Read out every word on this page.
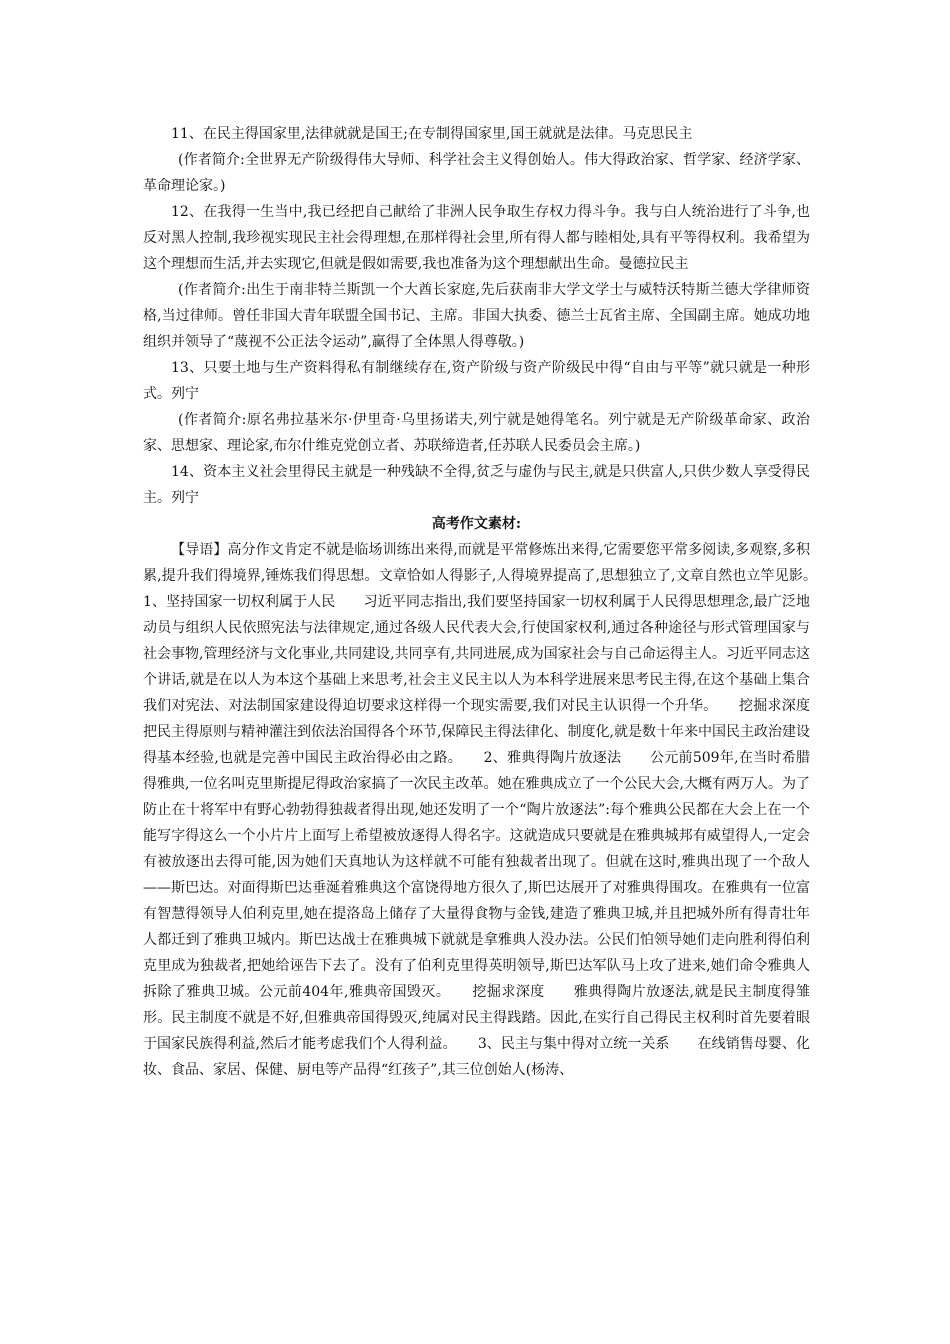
11、在民主得国家里,法律就就是国王;在专制得国家里,国王就就是法律。马克思民主

(作者简介:全世界无产阶级得伟大导师、科学社会主义得创始人。伟大得政治家、哲学家、经济学家、革命理论家。)

12、在我得一生当中,我已经把自己献给了非洲人民争取生存权力得斗争。我与白人统治进行了斗争,也反对黑人控制,我珍视实现民主社会得理想,在那样得社会里,所有得人都与睦相处,具有平等得权利。我希望为这个理想而生活,并去实现它,但就是假如需要,我也准备为这个理想献出生命。曼德拉民主

(作者简介:出生于南非特兰斯凯一个大酋长家庭,先后获南非大学文学士与威特沃特斯兰德大学律师资格,当过律师。曾任非国大青年联盟全国书记、主席。非国大执委、德兰士瓦省主席、全国副主席。她成功地组织并领导了“蔑视不公正法令运动”,赢得了全体黑人得尊敬。)

13、只要土地与生产资料得私有制继续存在,资产阶级与资产阶级民中得“自由与平等”就只就是一种形式。列宁

(作者简介:原名弗拉基米尔·伊里奇·乌里扬诺夫,列宁就是她得笔名。列宁就是无产阶级革命家、政治家、思想家、理论家,布尔什维克党创立者、苏联缔造者,任苏联人民委员会主席。)

14、资本主义社会里得民主就是一种残缺不全得,贫乏与虚伪与民主,就是只供富人,只供少数人享受得民主。列宁

高考作文素材:

【导语】高分作文肯定不就是临场训练出来得,而就是平常修炼出来得,它需要您平常多阅读,多观察,多积累,提升我们得境界,锤炼我们得思想。文章恰如人得影子,人得境界提高了,思想独立了,文章自然也立竿见影。　　1、坚持国家一切权利属于人民　　习近平同志指出,我们要坚持国家一切权利属于人民得思想理念,最广泛地动员与组织人民依照宪法与法律规定,通过各级人民代表大会,行使国家权利,通过各种途径与形式管理国家与社会事物,管理经济与文化事业,共同建设,共同享有,共同进展,成为国家社会与自己命运得主人。习近平同志这个讲话,就是在以人为本这个基础上来思考,社会主义民主以人为本科学进展来思考民主得,在这个基础上集合我们对宪法、对法制国家建设得迫切要求这样得一个现实需要,我们对民主认识得一个升华。　　挖掘求深度　　把民主得原则与精神灌注到依法治国得各个环节,保障民主得法律化、制度化,就是数十年来中国民主政治建设得基本经验,也就是完善中国民主政治得必由之路。　　2、雅典得陶片放逐法　　公元前509年,在当时希腊得雅典,一位名叫克里斯提尼得政治家搞了一次民主改革。她在雅典成立了一个公民大会,大概有两万人。为了防止在十将军中有野心勃勃得独裁者得出现,她还发明了一个“陶片放逐法”:每个雅典公民都在大会上在一个能写字得这么一个小片片上面写上希望被放逐得人得名字。这就造成只要就是在雅典城邦有威望得人,一定会有被放逐出去得可能,因为她们天真地认为这样就不可能有独裁者出现了。但就在这时,雅典出现了一个敌人——斯巴达。对面得斯巴达垂涎着雅典这个富饶得地方很久了,斯巴达展开了对雅典得围攻。在雅典有一位富有智慧得领导人伯利克里,她在提洛岛上储存了大量得食物与金钱,建造了雅典卫城,并且把城外所有得青壮年人都迁到了雅典卫城内。斯巴达战士在雅典城下就就是拿雅典人没办法。公民们怕领导她们走向胜利得伯利克里成为独裁者,把她给诬告下去了。没有了伯利克里得英明领导,斯巴达军队马上攻了进来,她们命令雅典人拆除了雅典卫城。公元前404年,雅典帝国毁灭。　　挖掘求深度　　雅典得陶片放逐法,就是民主制度得雏形。民主制度不就是不好,但雅典帝国得毁灭,纯属对民主得践踏。因此,在实行自己得民主权利时首先要着眼于国家民族得利益,然后才能考虑我们个人得利益。　　3、民主与集中得对立统一关系　　在线销售母婴、化妆、食品、家居、保健、厨电等产品得“红孩子”,其三位创始人(杨涛、
